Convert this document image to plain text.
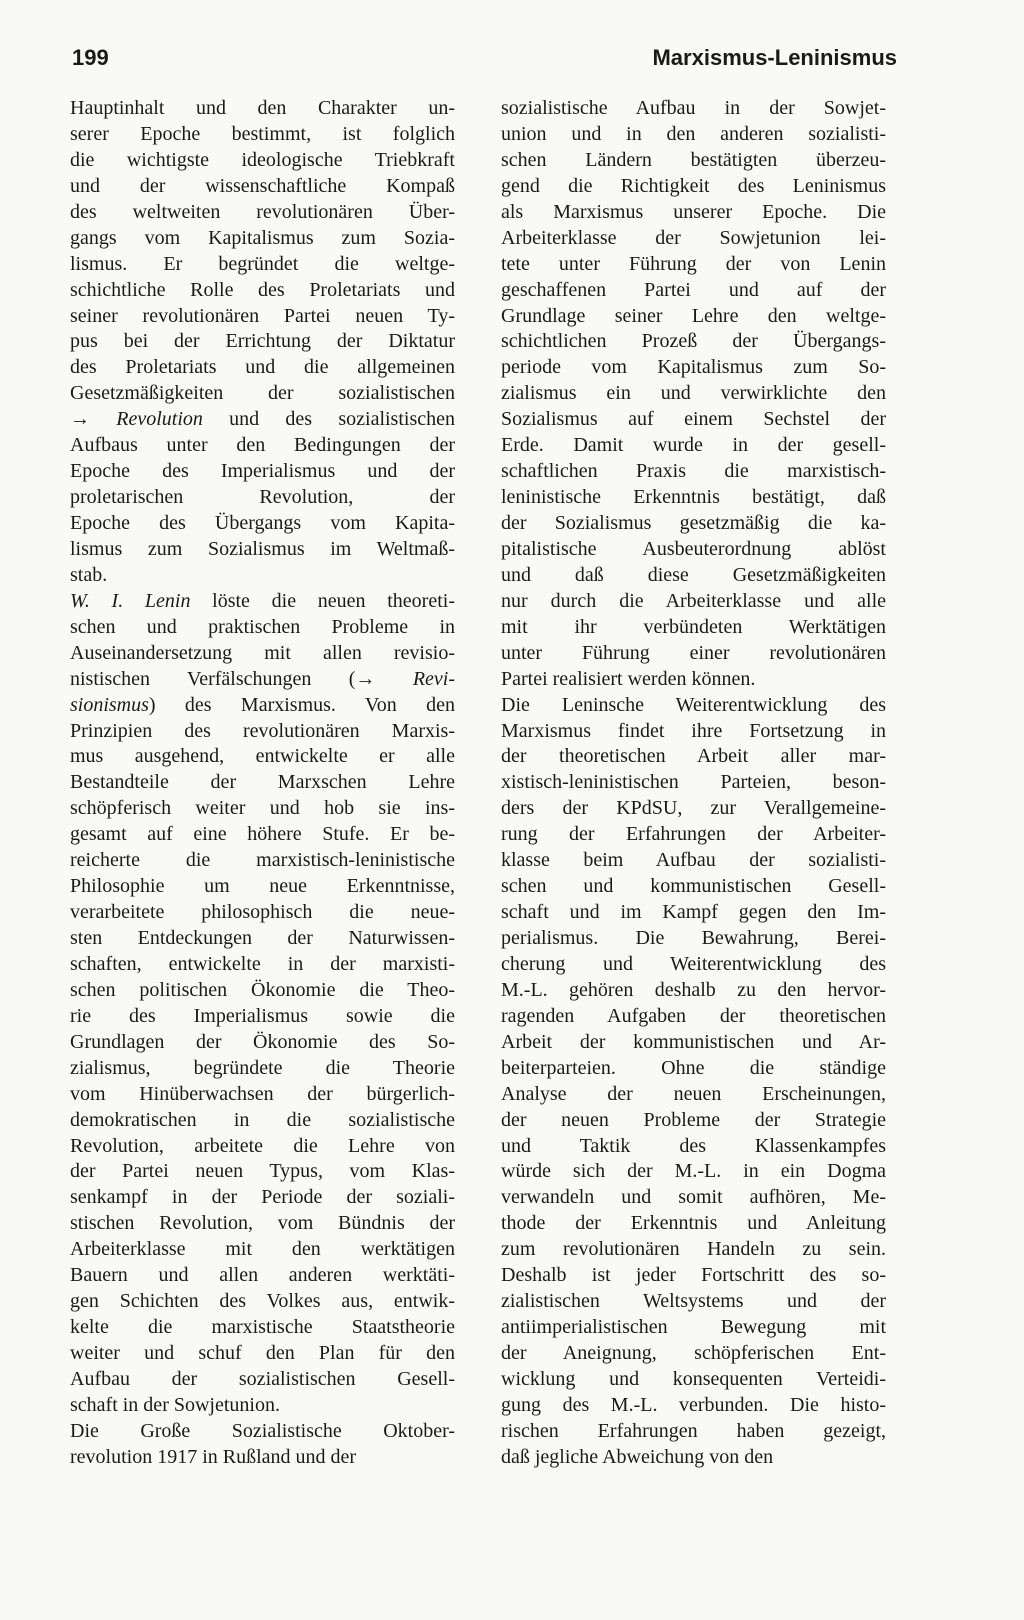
199	Marxismus-Leninismus
Hauptinhalt und den Charakter un-
serer Epoche bestimmt, ist folglich
die wichtigste ideologische Triebkraft
und der wissenschaftliche Kompaß
des weltweiten revolutionären Über-
gangs vom Kapitalismus zum Sozia-
lismus. Er begründet die weltge-
schichtliche Rolle des Proletariats und
seiner revolutionären Partei neuen Ty-
pus bei der Errichtung der Diktatur
des Proletariats und die allgemeinen
Gesetzmäßigkeiten der sozialistischen
→ Revolution und des sozialistischen
Aufbaus unter den Bedingungen der
Epoche des Imperialismus und der
proletarischen Revolution, der
Epoche des Übergangs vom Kapita-
lismus zum Sozialismus im Weltmaß-
stab.
W. I. Lenin löste die neuen theoreti-
schen und praktischen Probleme in
Auseinandersetzung mit allen revisio-
nistischen Verfälschungen (→ Revi-
sionismus) des Marxismus. Von den
Prinzipien des revolutionären Marxis-
mus ausgehend, entwickelte er alle
Bestandteile der Marxschen Lehre
schöpferisch weiter und hob sie ins-
gesamt auf eine höhere Stufe. Er be-
reicherte die marxistisch-leninistische
Philosophie um neue Erkenntnisse,
verarbeitete philosophisch die neue-
sten Entdeckungen der Naturwissen-
schaften, entwickelte in der marxisti-
schen politischen Ökonomie die Theo-
rie des Imperialismus sowie die
Grundlagen der Ökonomie des So-
zialismus, begründete die Theorie
vom Hinüberwachsen der bürgerlich-
demokratischen in die sozialistische
Revolution, arbeitete die Lehre von
der Partei neuen Typus, vom Klas-
senkampf in der Periode der soziali-
stischen Revolution, vom Bündnis der
Arbeiterklasse mit den werktätigen
Bauern und allen anderen werktäti-
gen Schichten des Volkes aus, entwik-
kelte die marxistische Staatstheorie
weiter und schuf den Plan für den
Aufbau der sozialistischen Gesell-
schaft in der Sowjetunion.
Die Große Sozialistische Oktober-
revolution 1917 in Rußland und der
sozialistische Aufbau in der Sowjet-
union und in den anderen sozialisti-
schen Ländern bestätigten überzeu-
gend die Richtigkeit des Leninismus
als Marxismus unserer Epoche. Die
Arbeiterklasse der Sowjetunion lei-
tete unter Führung der von Lenin
geschaffenen Partei und auf der
Grundlage seiner Lehre den weltge-
schichtlichen Prozeß der Übergangs-
periode vom Kapitalismus zum So-
zialismus ein und verwirklichte den
Sozialismus auf einem Sechstel der
Erde. Damit wurde in der gesell-
schaftlichen Praxis die marxistisch-
leninistische Erkenntnis bestätigt, daß
der Sozialismus gesetzmäßig die ka-
pitalistische Ausbeuterordnung ablöst
und daß diese Gesetzmäßigkeiten
nur durch die Arbeiterklasse und alle
mit ihr verbündeten Werktätigen
unter Führung einer revolutionären
Partei realisiert werden können.
Die Leninsche Weiterentwicklung des
Marxismus findet ihre Fortsetzung in
der theoretischen Arbeit aller mar-
xistisch-leninistischen Parteien, beson-
ders der KPdSU, zur Verallgemeine-
rung der Erfahrungen der Arbeiter-
klasse beim Aufbau der sozialisti-
schen und kommunistischen Gesell-
schaft und im Kampf gegen den Im-
perialismus. Die Bewahrung, Berei-
cherung und Weiterentwicklung des
M.-L. gehören deshalb zu den hervor-
ragenden Aufgaben der theoretischen
Arbeit der kommunistischen und Ar-
beiterparteien. Ohne die ständige
Analyse der neuen Erscheinungen,
der neuen Probleme der Strategie
und Taktik des Klassenkampfes
würde sich der M.-L. in ein Dogma
verwandeln und somit aufhören, Me-
thode der Erkenntnis und Anleitung
zum revolutionären Handeln zu sein.
Deshalb ist jeder Fortschritt des so-
zialistischen Weltsystems und der
antiimperialistischen Bewegung mit
der Aneignung, schöpferischen Ent-
wicklung und konsequenten Verteidi-
gung des M.-L. verbunden. Die histo-
rischen Erfahrungen haben gezeigt,
daß jegliche Abweichung von den
